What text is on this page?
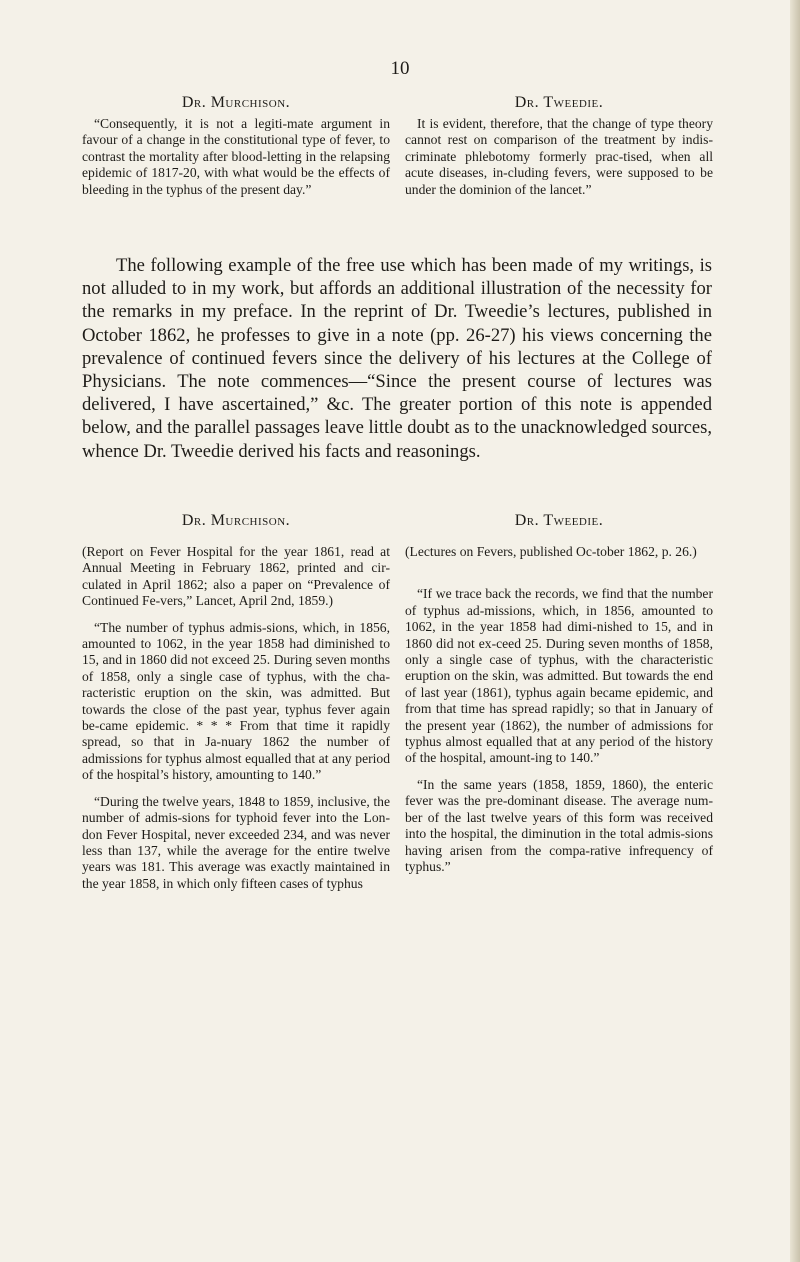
10
Dr. Murchison.

“Consequently, it is not a legiti-mate argument in favour of a change in the constitutional type of fever, to contrast the mortality after blood-letting in the relapsing epidemic of 1817-20, with what would be the effects of bleeding in the typhus of the present day.”

Dr. Tweedie.

It is evident, therefore, that the change of type theory cannot rest on comparison of the treatment by indis-criminate phlebotomy formerly prac-tised, when all acute diseases, in-cluding fevers, were supposed to be under the dominion of the lancet.”

The following example of the free use which has been made of my writings, is not alluded to in my work, but affords an additional illustration of the necessity for the remarks in my preface. In the reprint of Dr. Tweedie’s lectures, published in October 1862, he professes to give in a note (pp. 26-27) his views concerning the prevalence of continued fevers since the delivery of his lectures at the College of Physicians. The note commences—“Since the present course of lectures was delivered, I have ascertained,” &c. The greater portion of this note is appended below, and the parallel passages leave little doubt as to the unacknowledged sources, whence Dr. Tweedie derived his facts and reasonings.

Dr. Murchison.

(Report on Fever Hospital for the year 1861, read at Annual Meeting in February 1862, printed and cir-culated in April 1862; also a paper on “Prevalence of Continued Fe-vers,” Lancet, April 2nd, 1859.)

“The number of typhus admis-sions, which, in 1856, amounted to 1062, in the year 1858 had diminished to 15, and in 1860 did not exceed 25. During seven months of 1858, only a single case of typhus, with the cha-racteristic eruption on the skin, was admitted. But towards the close of the past year, typhus fever again be-came epidemic. * * * From that time it rapidly spread, so that in Ja-nuary 1862 the number of admissions for typhus almost equalled that at any period of the hospital’s history, amounting to 140.”

“During the twelve years, 1848 to 1859, inclusive, the number of admis-sions for typhoid fever into the Lon-don Fever Hospital, never exceeded 234, and was never less than 137, while the average for the entire twelve years was 181. This average was exactly maintained in the year 1858, in which only fifteen cases of typhus

Dr. Tweedie.

(Lectures on Fevers, published Oc-tober 1862, p. 26.)

“If we trace back the records, we find that the number of typhus ad-missions, which, in 1856, amounted to 1062, in the year 1858 had dimi-nished to 15, and in 1860 did not ex-ceed 25. During seven months of 1858, only a single case of typhus, with the characteristic eruption on the skin, was admitted. But towards the end of last year (1861), typhus again became epidemic, and from that time has spread rapidly; so that in January of the present year (1862), the number of admissions for typhus almost equalled that at any period of the history of the hospital, amount-ing to 140.”

“In the same years (1858, 1859, 1860), the enteric fever was the pre-dominant disease. The average num-ber of the last twelve years of this form was received into the hospital, the diminution in the total admis-sions having arisen from the compa-rative infrequency of typhus.”
